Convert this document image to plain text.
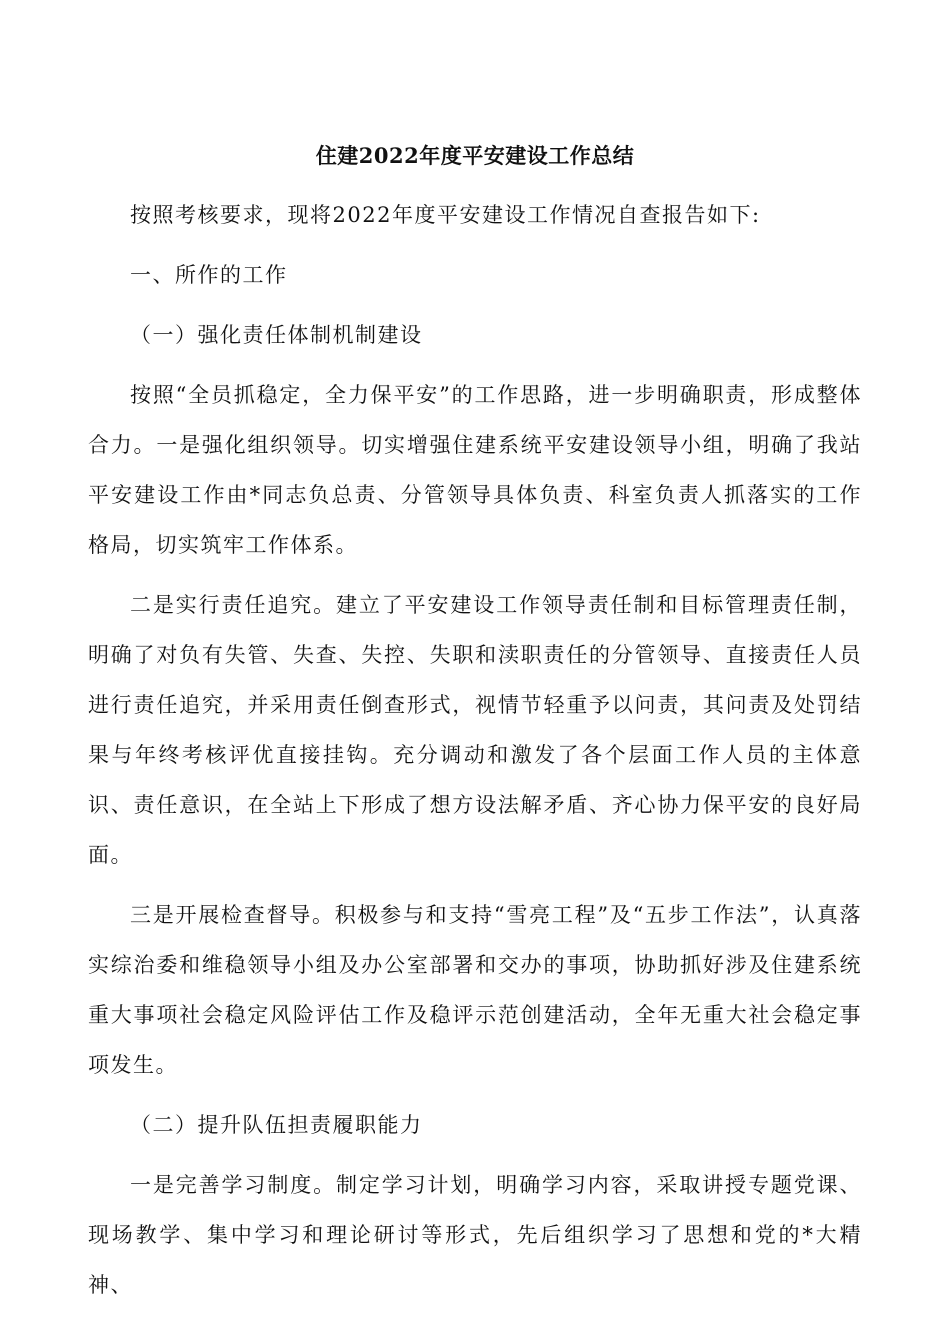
住建2022年度平安建设工作总结

按照考核要求，现将2022年度平安建设工作情况自查报告如下:

一、所作的工作

（一）强化责任体制机制建设

按照“全员抓稳定，全力保平安”的工作思路，进一步明确职责，形成整体合力。一是强化组织领导。切实增强住建系统平安建设领导小组，明确了我站平安建设工作由*同志负总责、分管领导具体负责、科室负责人抓落实的工作格局，切实筑牢工作体系。

二是实行责任追究。建立了平安建设工作领导责任制和目标管理责任制，明确了对负有失管、失查、失控、失职和渎职责任的分管领导、直接责任人员进行责任追究，并采用责任倒查形式，视情节轻重予以问责，其问责及处罚结果与年终考核评优直接挂钩。充分调动和激发了各个层面工作人员的主体意识、责任意识，在全站上下形成了想方设法解矛盾、齐心协力保平安的良好局面。

三是开展检查督导。积极参与和支持“雪亮工程”及“五步工作法”，认真落实综治委和维稳领导小组及办公室部署和交办的事项，协助抓好涉及住建系统重大事项社会稳定风险评估工作及稳评示范创建活动，全年无重大社会稳定事项发生。

（二）提升队伍担责履职能力

一是完善学习制度。制定学习计划，明确学习内容，采取讲授专题党课、现场教学、集中学习和理论研讨等形式，先后组织学习了思想和党的*大精神、
